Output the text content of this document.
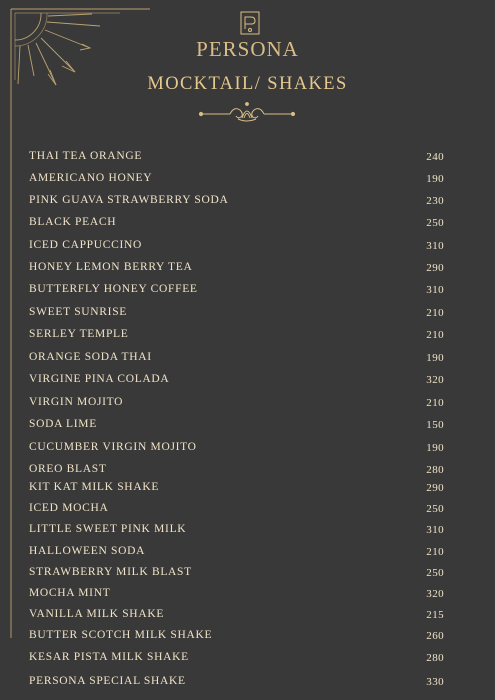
PERSONA
MOCKTAIL/ SHAKES
THAI TEA ORANGE	240
AMERICANO HONEY	190
PINK GUAVA STRAWBERRY SODA	230
BLACK PEACH	250
ICED CAPPUCCINO	310
HONEY LEMON BERRY TEA	290
BUTTERFLY HONEY COFFEE	310
SWEET SUNRISE	210
SERLEY TEMPLE	210
ORANGE SODA THAI	190
VIRGINE PINA COLADA	320
VIRGIN MOJITO	210
SODA LIME	150
CUCUMBER VIRGIN MOJITO	190
OREO BLAST	280
KIT KAT MILK SHAKE	290
ICED MOCHA	250
LITTLE SWEET PINK MILK	310
HALLOWEEN SODA	210
STRAWBERRY MILK BLAST	250
MOCHA MINT	320
VANILLA MILK SHAKE	215
BUTTER SCOTCH MILK SHAKE	260
KESAR PISTA MILK SHAKE	280
PERSONA SPECIAL SHAKE	330
